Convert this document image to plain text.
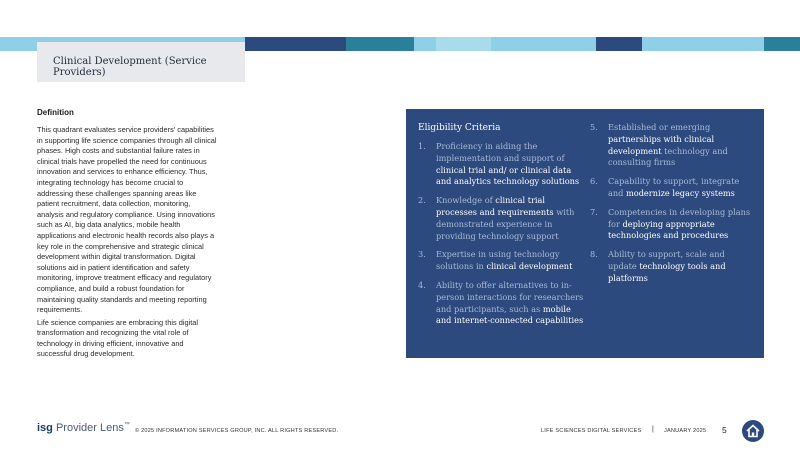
Clinical Development (Service Providers)
Definition

This quadrant evaluates service providers' capabilities in supporting life science companies through all clinical phases. High costs and substantial failure rates in clinical trials have propelled the need for continuous innovation and services to enhance efficiency. Thus, integrating technology has become crucial to addressing these challenges spanning areas like patient recruitment, data collection, monitoring, analysis and regulatory compliance. Using innovations such as AI, big data analytics, mobile health applications and electronic health records also plays a key role in the comprehensive and strategic clinical development within digital transformation. Digital solutions aid in patient identification and safety monitoring, improve treatment efficacy and regulatory compliance, and build a robust foundation for maintaining quality standards and meeting reporting requirements.

Life science companies are embracing this digital transformation and recognizing the vital role of technology in driving efficient, innovative and successful drug development.

Eligibility Criteria
1. Proficiency in aiding the implementation and support of clinical trial and/ or clinical data and analytics technology solutions
2. Knowledge of clinical trial processes and requirements with demonstrated experience in providing technology support
3. Expertise in using technology solutions in clinical development
4. Ability to offer alternatives to in-person interactions for researchers and participants, such as mobile and internet-connected capabilities
5. Established or emerging partnerships with clinical development technology and consulting firms
6. Capability to support, integrate and modernize legacy systems
7. Competencies in developing plans for deploying appropriate technologies and procedures
8. Ability to support, scale and update technology tools and platforms
isg Provider Lens™
© 2025 INFORMATION SERVICES GROUP, INC. ALL RIGHTS RESERVED.	LIFE SCIENCES DIGITAL SERVICES | JANUARY 2025 5
